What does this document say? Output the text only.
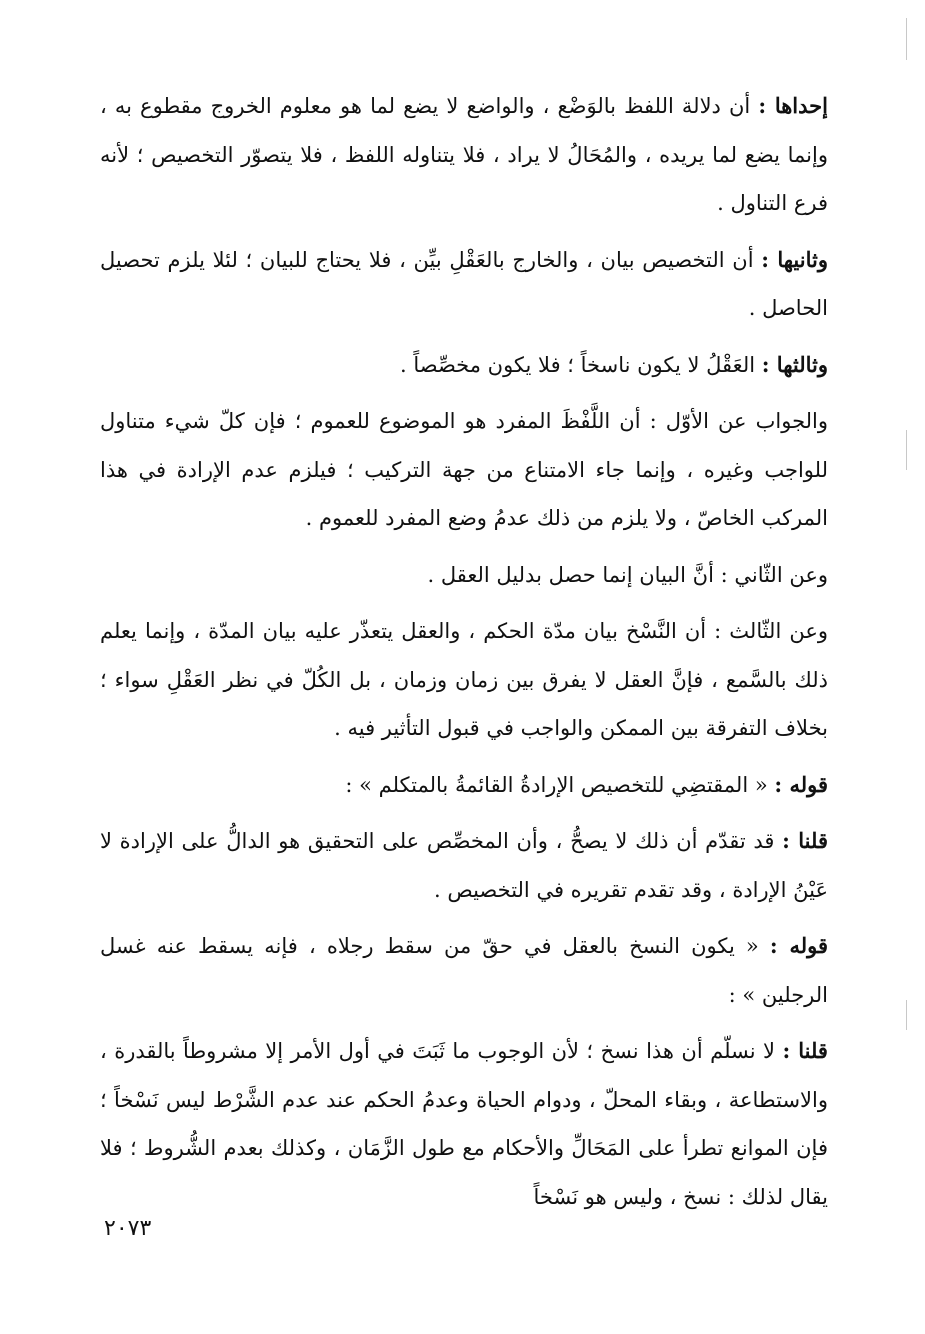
إحداها : أن دلالة اللفظ بالوَضْع ، والواضع لا يضع لما هو معلوم الخروج مقطوع به ، وإنما يضع لما يريده ، والمُحَالُ لا يراد ، فلا يتناوله اللفظ ، فلا يتصوّر التخصيص ؛ لأنه فرع التناول .

وثانيها : أن التخصيص بيان ، والخارج بالعَقْلِ بيِّن ، فلا يحتاج للبيان ؛ لئلا يلزم تحصيل الحاصل .

وثالثها : العَقْلُ لا يكون ناسخاً ؛ فلا يكون مخصِّصاً .

والجواب عن الأوّل : أن اللَّفْظَ المفرد هو الموضوع للعموم ؛ فإن كلّ شيء متناول للواجب وغيره ، وإنما جاء الامتناع من جهة التركيب ؛ فيلزم عدم الإرادة في هذا المركب الخاصّ ، ولا يلزم من ذلك عدمُ وضع المفرد للعموم .

وعن الثّاني : أنَّ البيان إنما حصل بدليل العقل .

وعن الثّالث : أن النَّسْخ بيان مدّة الحكم ، والعقل يتعذّر عليه بيان المدّة ، وإنما يعلم ذلك بالسَّمع ، فإنَّ العقل لا يفرق بين زمان وزمان ، بل الكُلّ في نظر العَقْلِ سواء ؛ بخلاف التفرقة بين الممكن والواجب في قبول التأثير فيه .

قوله : « المقتضِي للتخصيص الإرادةُ القائمةُ بالمتكلم » :

قلنا : قد تقدّم أن ذلك لا يصحُّ ، وأن المخصِّص على التحقيق هو الدالُّ على الإرادة لا عَيْنُ الإرادة ، وقد تقدم تقريره في التخصيص .

قوله : « يكون النسخ بالعقل في حقّ من سقط رجلاه ، فإنه يسقط عنه غسل الرجلين » :

قلنا : لا نسلّم أن هذا نسخ ؛ لأن الوجوب ما ثَبَتَ في أول الأمر إلا مشروطاً بالقدرة ، والاستطاعة ، وبقاء المحلّ ، ودوام الحياة وعدمُ الحكم عند عدم الشَّرْط ليس نَسْخاً ؛ فإن الموانع تطرأ على المَحَالِّ والأحكام مع طول الزَّمَان ، وكذلك بعدم الشُّروط ؛ فلا يقال لذلك : نسخ ، وليس هو نَسْخاً

٢٠٧٣
